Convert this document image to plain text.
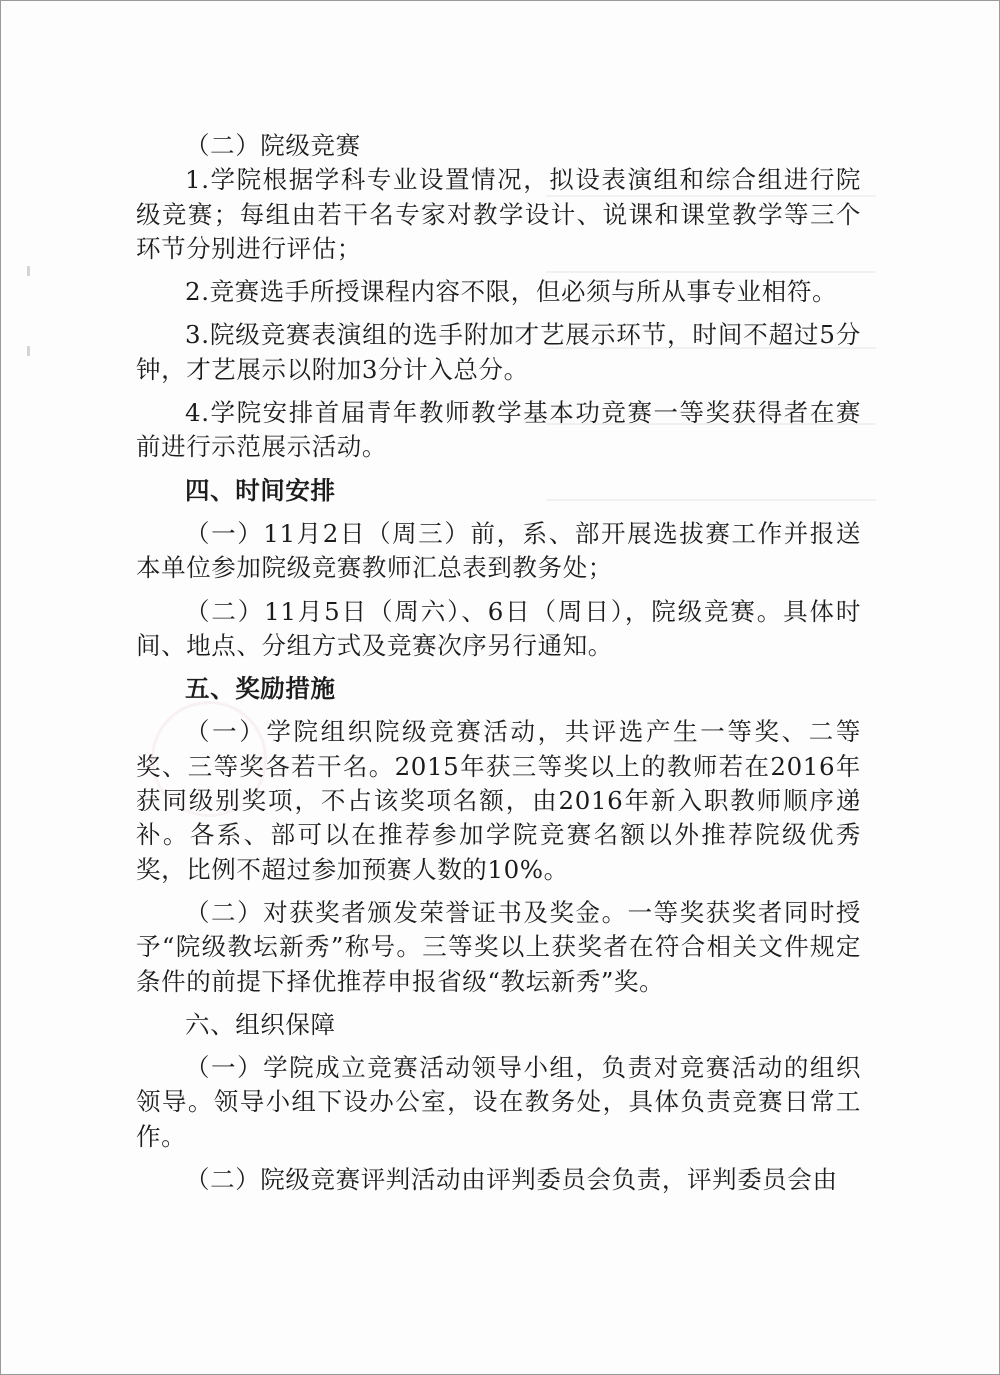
（二）院级竞赛

1.学院根据学科专业设置情况，拟设表演组和综合组进行院级竞赛；每组由若干名专家对教学设计、说课和课堂教学等三个环节分别进行评估；

2.竞赛选手所授课程内容不限，但必须与所从事专业相符。

3.院级竞赛表演组的选手附加才艺展示环节，时间不超过5分钟，才艺展示以附加3分计入总分。

4.学院安排首届青年教师教学基本功竞赛一等奖获得者在赛前进行示范展示活动。

四、时间安排

（一）11月2日（周三）前，系、部开展选拔赛工作并报送本单位参加院级竞赛教师汇总表到教务处；

（二）11月5日（周六）、6日（周日），院级竞赛。具体时间、地点、分组方式及竞赛次序另行通知。

五、奖励措施

（一）学院组织院级竞赛活动，共评选产生一等奖、二等奖、三等奖各若干名。2015年获三等奖以上的教师若在2016年获同级别奖项，不占该奖项名额，由2016年新入职教师顺序递补。各系、部可以在推荐参加学院竞赛名额以外推荐院级优秀奖，比例不超过参加预赛人数的10%。

（二）对获奖者颁发荣誉证书及奖金。一等奖获奖者同时授予“院级教坛新秀”称号。三等奖以上获奖者在符合相关文件规定条件的前提下择优推荐申报省级“教坛新秀”奖。

六、组织保障

（一）学院成立竞赛活动领导小组，负责对竞赛活动的组织领导。领导小组下设办公室，设在教务处，具体负责竞赛日常工作。

（二）院级竞赛评判活动由评判委员会负责，评判委员会由
